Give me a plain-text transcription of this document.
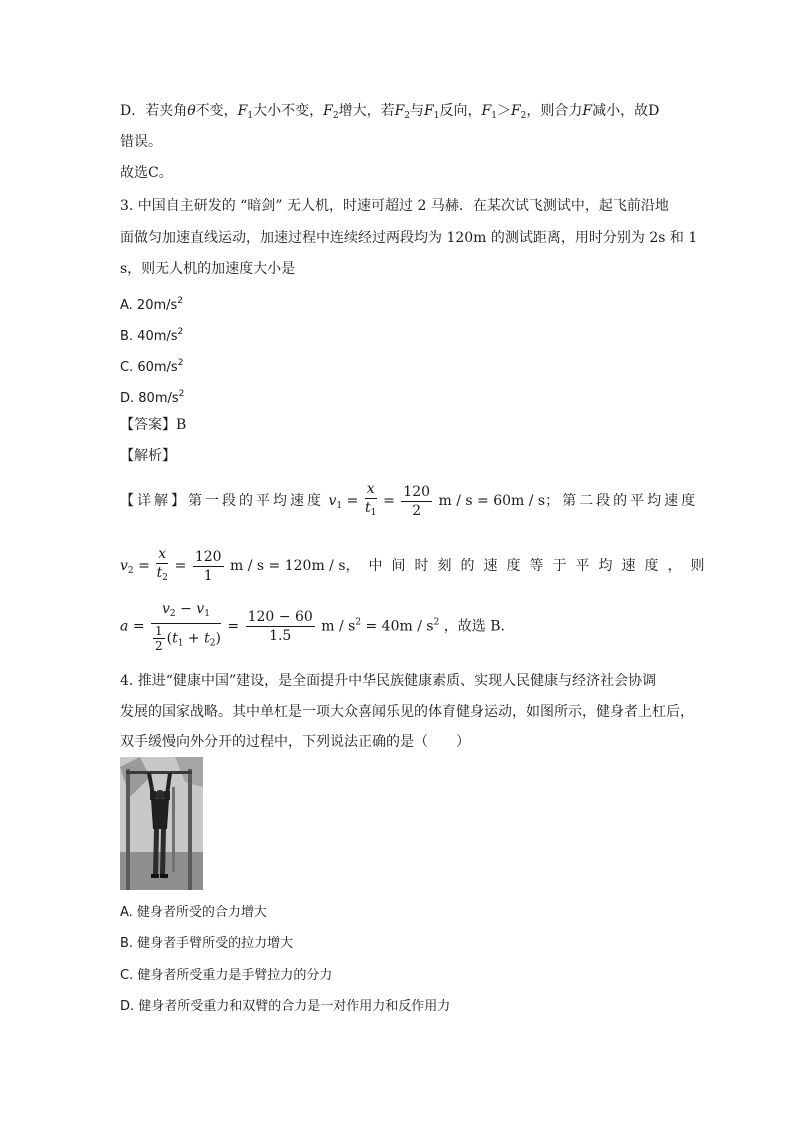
D．若夹角θ不变，$F_1$大小不变，$F_2$增大，若$F_2$与$F_1$反向，$F_1>F_2$，则合力F减小，故D
错误。
故选C。
3. 中国自主研发的 “暗剑” 无人机，时速可超过 2 马赫．在某次试飞测试中，起飞前沿地
面做匀加速直线运动，加速过程中连续经过两段均为 120m 的测试距离，用时分别为 2s 和 1
s，则无人机的加速度大小是
A. $20m/s^2$
B. $40m/s^2$
C. $60m/s^2$
D. $80m/s^2$
【答案】B
【解析】
【详解】第一段的平均速度 $v_1 = \frac{x}{t_1} = \frac{120}{2}$ m / s = 60m / s；第二段的平均速度
$v_2 = \frac{x}{t_2} = \frac{120}{1}$ m / s = 120m / s，中间时刻的速度等于平均速度，则
$a = \frac{v_2 - v_1}{\frac{1}{2} (t_1 + t_2)} = \frac{120 - 60}{1.5}$ $m / s^2 = 40m / s^2$ ，故选 B.
4. 推进“健康中国”建设，是全面提升中华民族健康素质、实现人民健康与经济社会协调
发展的国家战略。其中单杠是一项大众喜闻乐见的体育健身运动，如图所示，健身者上杠后，
双手缓慢向外分开的过程中，下列说法正确的是（　　）
A. 健身者所受的合力增大
B. 健身者手臂所受的拉力增大
C. 健身者所受重力是手臂拉力的分力
D. 健身者所受重力和双臂的合力是一对作用力和反作用力
